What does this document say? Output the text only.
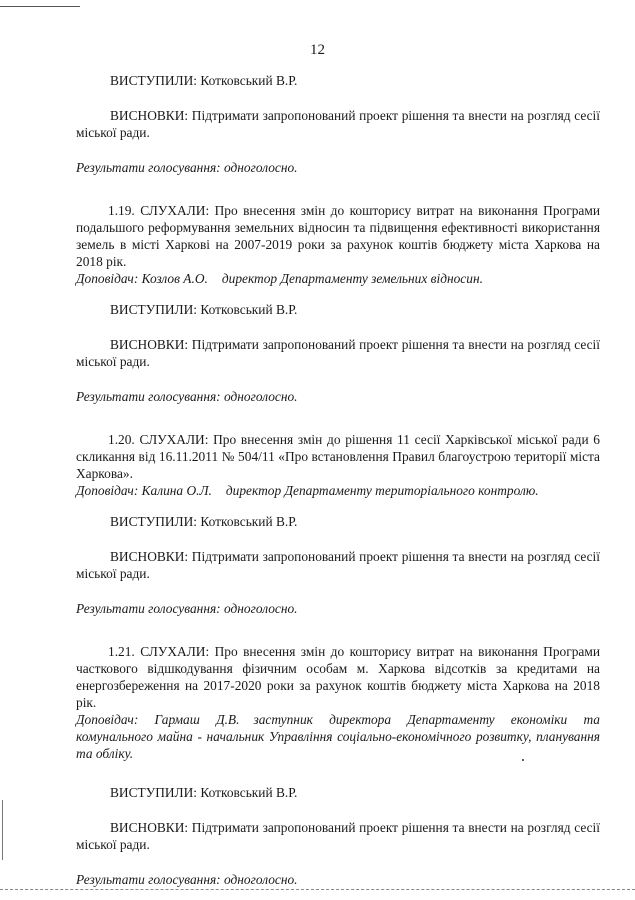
12

ВИСТУПИЛИ: Котковський В.Р.

ВИСНОВКИ: Підтримати запропонований проект рішення та внести на розгляд сесії міської ради.

Результати голосування: одноголосно.

1.19. СЛУХАЛИ: Про внесення змін до кошторису витрат на виконання Програми подальшого реформування земельних відносин та підвищення ефективності використання земель в місті Харкові на 2007-2019 роки за рахунок коштів бюджету міста Харкова на 2018 рік.

Доповідач: Козлов А.О. директор Департаменту земельних відносин.

ВИСТУПИЛИ: Котковський В.Р.

ВИСНОВКИ: Підтримати запропонований проект рішення та внести на розгляд сесії міської ради.

Результати голосування: одноголосно.

1.20. СЛУХАЛИ: Про внесення змін до рішення 11 сесії Харківської міської ради 6 скликання від 16.11.2011 № 504/11 «Про встановлення Правил благоустрою території міста Харкова».

Доповідач: Калина О.Л. директор Департаменту територіального контролю.

ВИСТУПИЛИ: Котковський В.Р.

ВИСНОВКИ: Підтримати запропонований проект рішення та внести на розгляд сесії міської ради.

Результати голосування: одноголосно.

1.21. СЛУХАЛИ: Про внесення змін до кошторису витрат на виконання Програми часткового відшкодування фізичним особам м. Харкова відсотків за кредитами на енергозбереження на 2017-2020 роки за рахунок коштів бюджету міста Харкова на 2018 рік.

Доповідач: Гармаш Д.В. заступник директора Департаменту економіки та комунального майна - начальник Управління соціально-економічного розвитку, планування та обліку.

ВИСТУПИЛИ: Котковський В.Р.

ВИСНОВКИ: Підтримати запропонований проект рішення та внести на розгляд сесії міської ради.

Результати голосування: одноголосно.
